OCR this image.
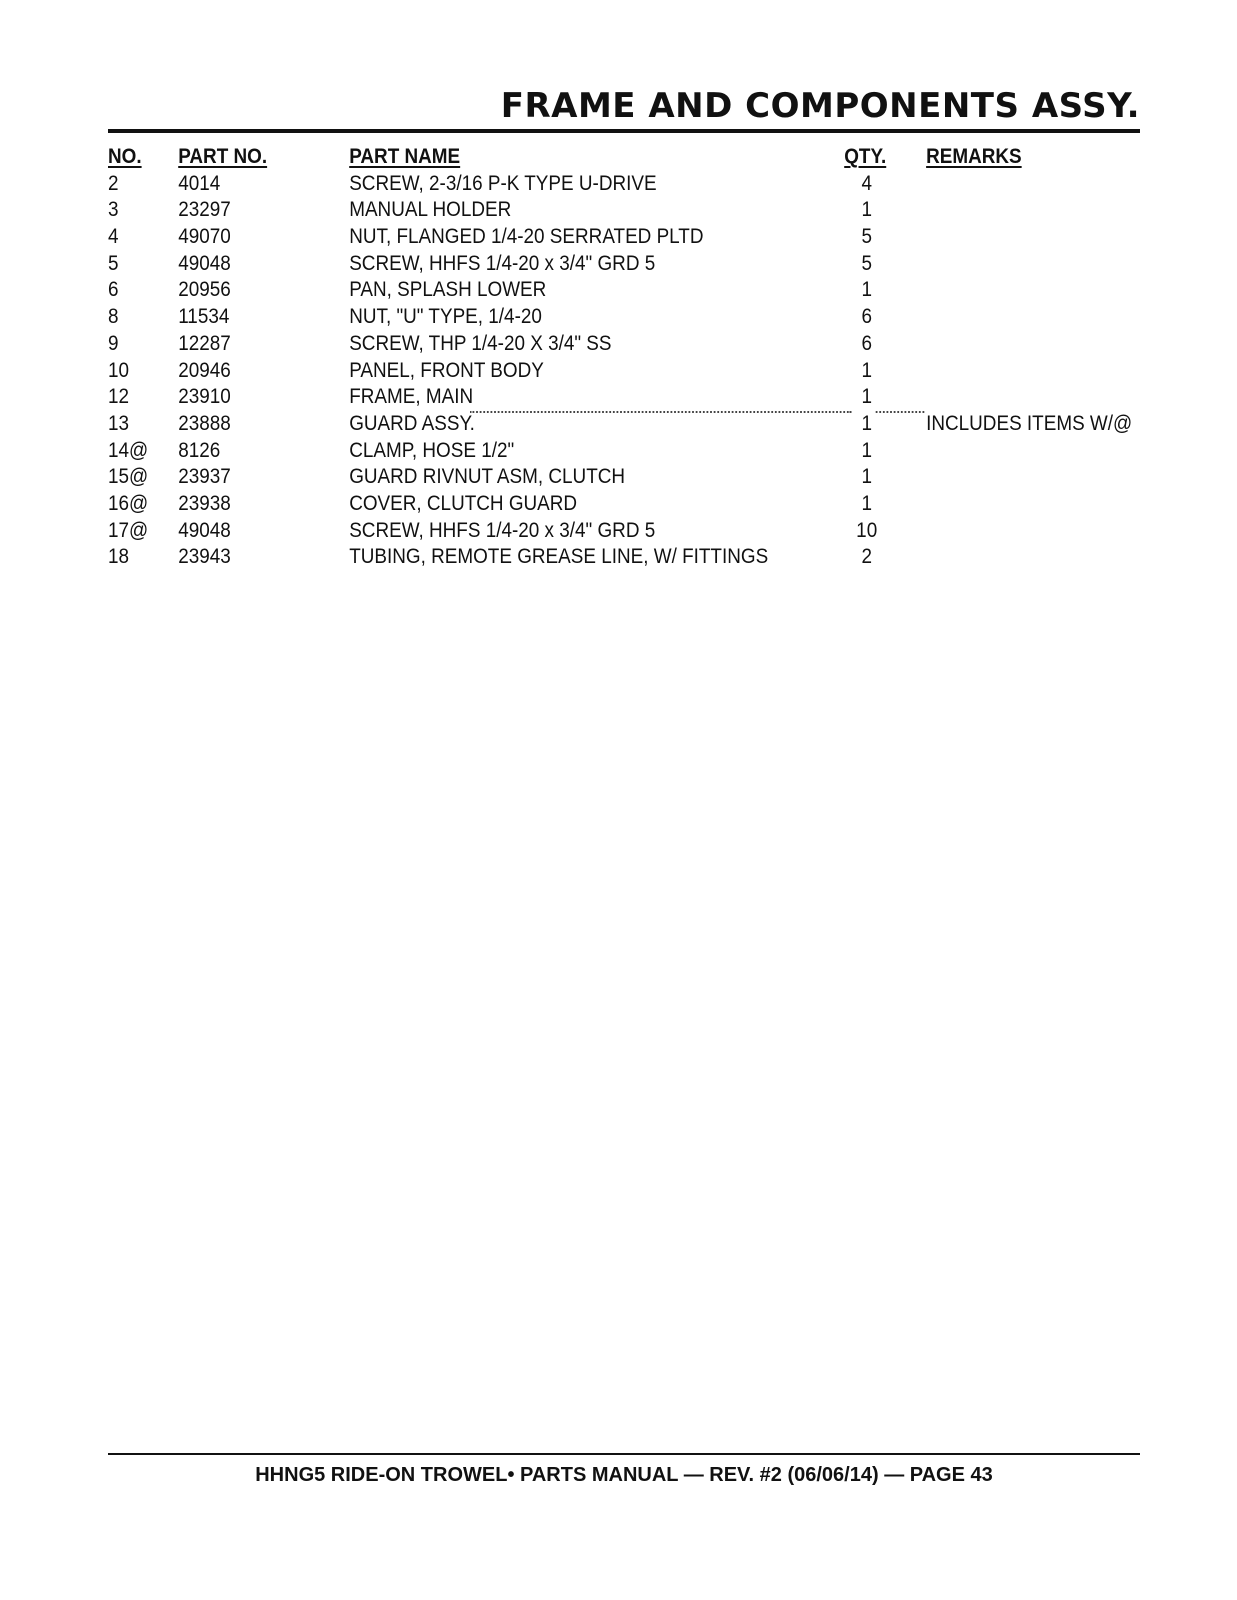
FRAME AND COMPONENTS ASSY.
NO. PART NO.	PART NAME	QTY. REMARKS
2	4014	SCREW, 2-3/16 P-K TYPE U-DRIVE	4
3	23297	MANUAL HOLDER	1
4	49070	NUT, FLANGED 1/4-20 SERRATED PLTD	5
5	49048	SCREW, HHFS 1/4-20 x 3/4" GRD 5	5
6	20956	PAN, SPLASH LOWER	1
8	11534	NUT, "U" TYPE, 1/4-20	6
9	12287	SCREW, THP 1/4-20 X 3/4" SS	6
10 20946	PANEL, FRONT BODY	1
12 23910	FRAME, MAIN	1
13 23888	GUARD ASSY.	1	INCLUDES ITEMS W/@
14@ 8126	CLAMP, HOSE 1/2"	1
15@ 23937	GUARD RIVNUT ASM, CLUTCH	1
16@ 23938	COVER, CLUTCH GUARD	1
17@ 49048	SCREW, HHFS 1/4-20 x 3/4" GRD 5	10
18 23943	TUBING, REMOTE GREASE LINE, W/ FITTINGS	2
HHNG5 RIDE-ON TROWEL• PARTS MANUAL — REV. #2 (06/06/14) — PAGE 43
